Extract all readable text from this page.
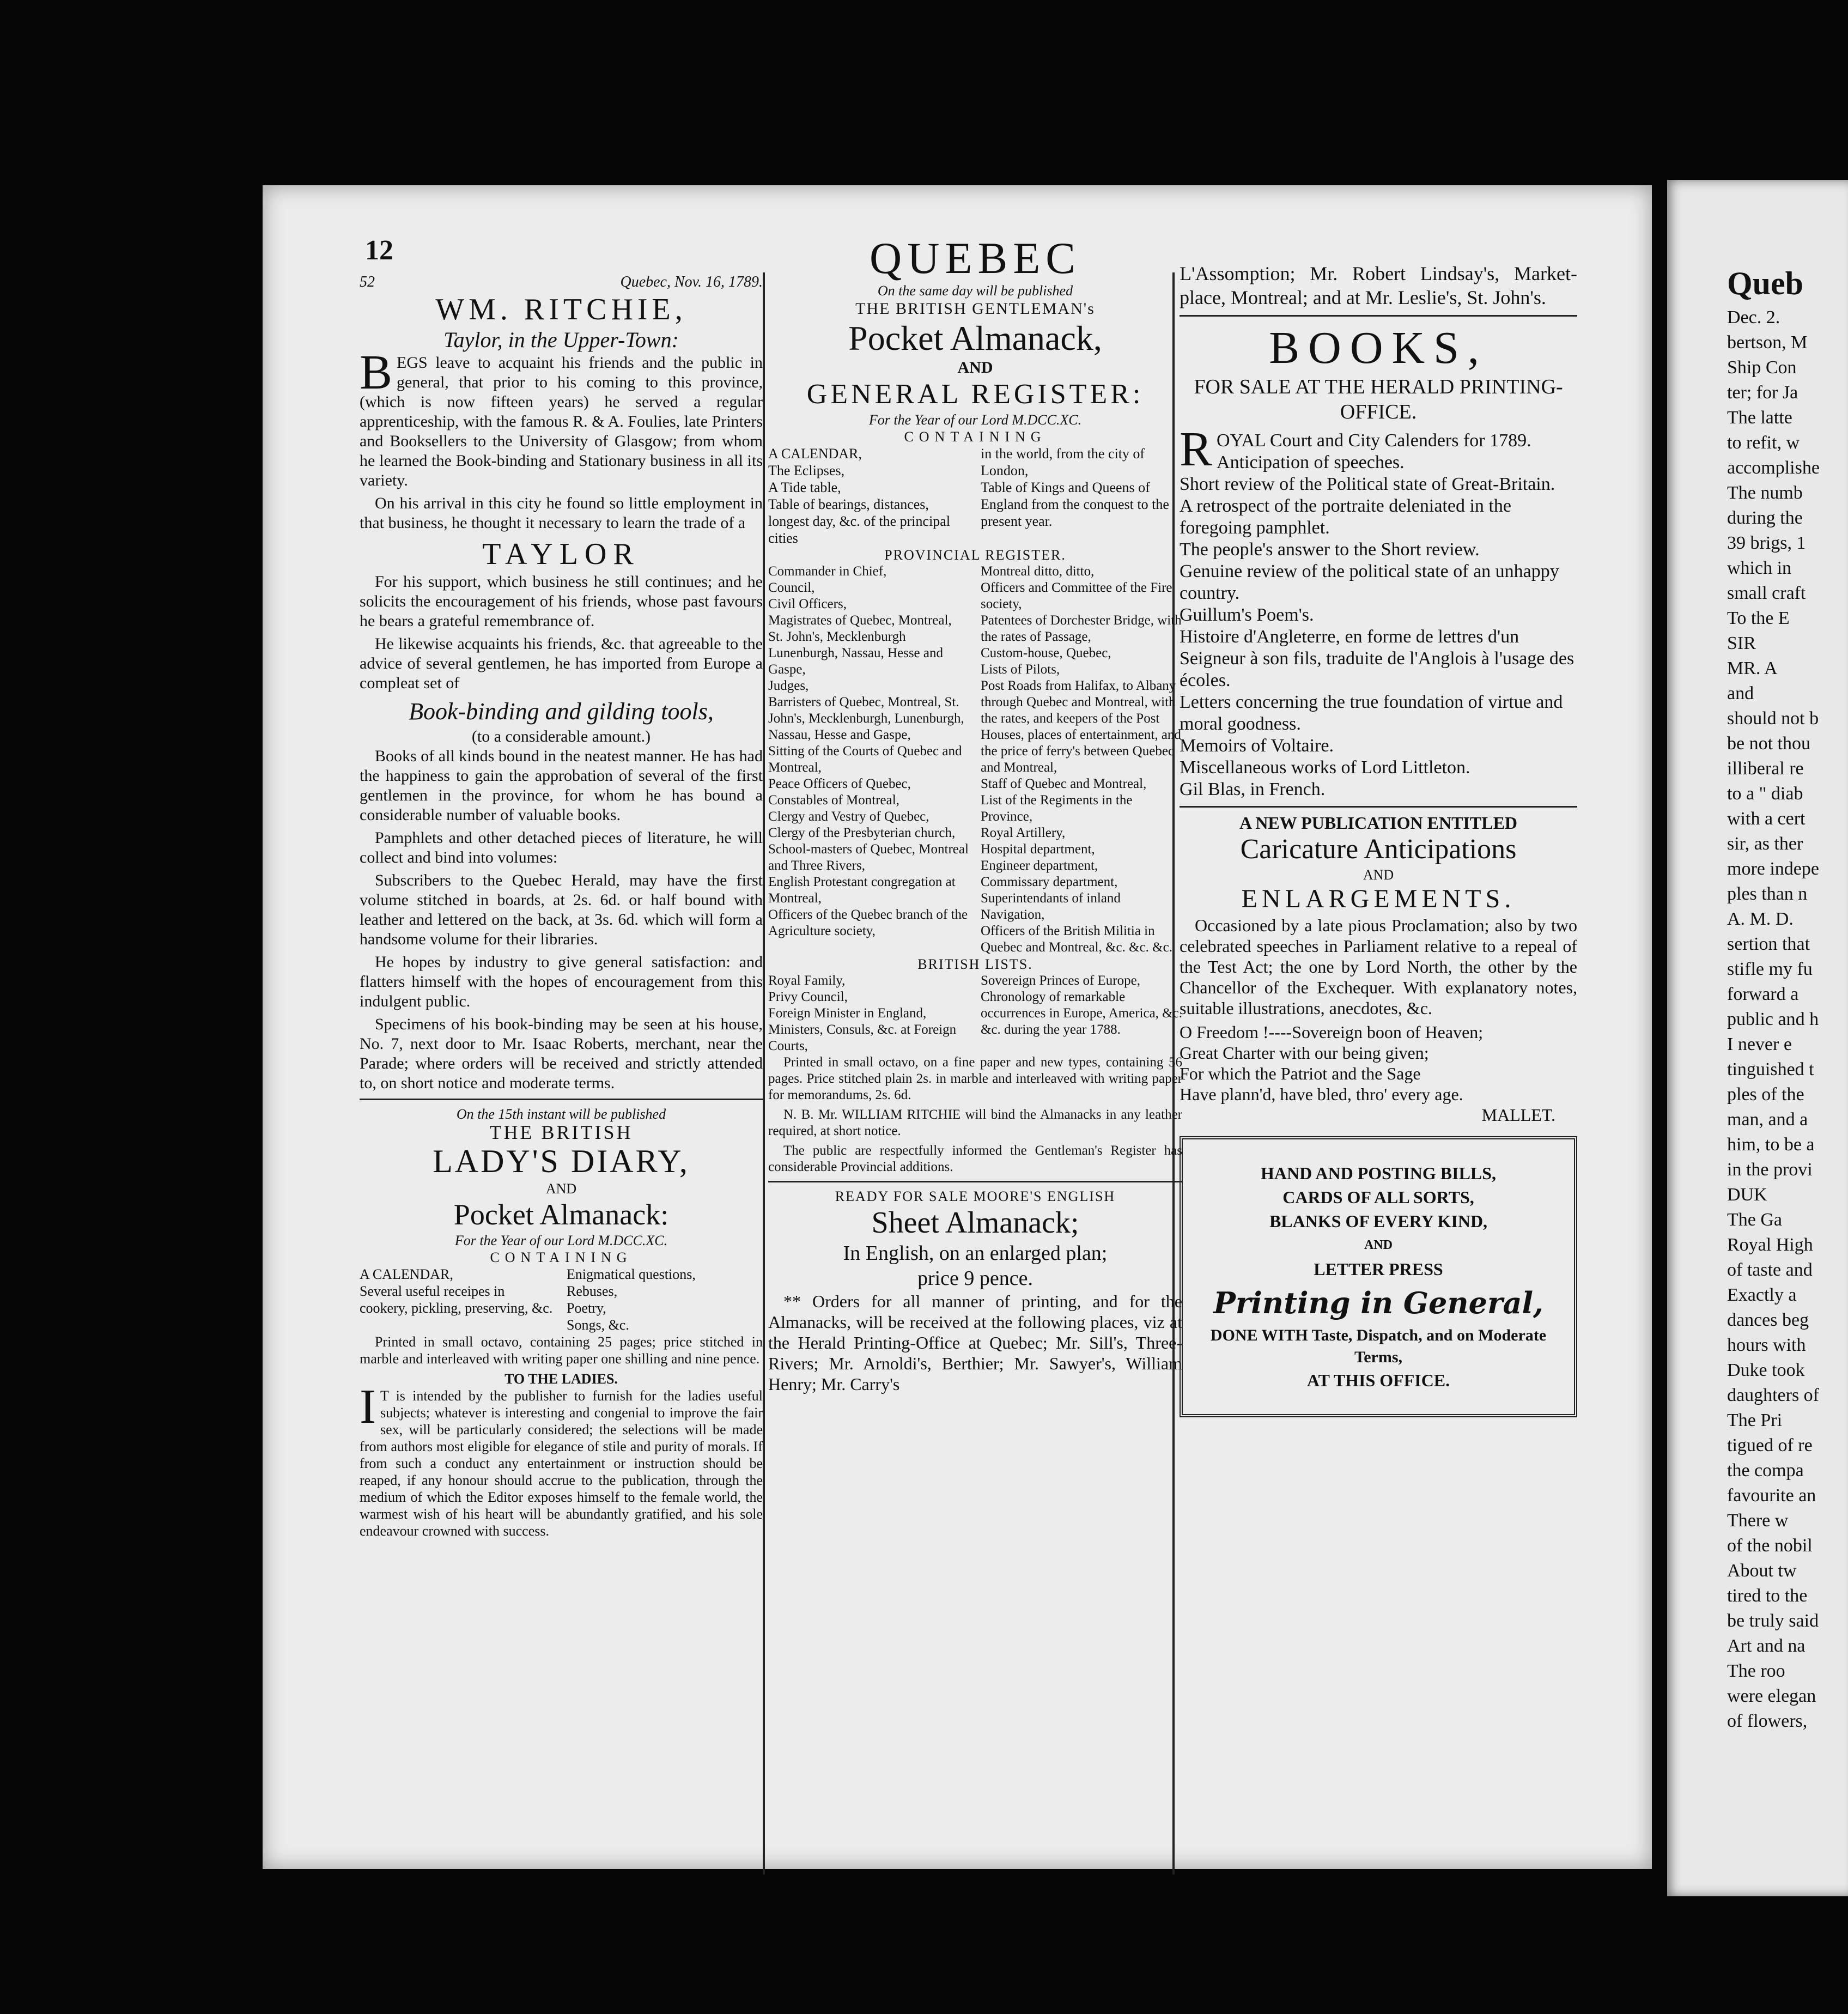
12
52	Quebec, Nov. 16, 1789.
WM. RITCHIE,
Taylor, in the Upper-Town:

BEGS leave to acquaint his friends and the public in general, that prior to his coming to this province, (which is now fifteen years) he served a regular apprenticeship, with the famous R. & A. Foulies, late Printers and Booksellers to the University of Glasgow; from whom he learned the Book-binding and Stationary business in all its variety.

On his arrival in this city he found so little employment in that business, he thought it necessary to learn the trade of a

TAYLOR

For his support, which business he still continues; and he solicits the encouragement of his friends, whose past favours he bears a grateful remembrance of.

He likewise acquaints his friends, &c. that agreeable to the advice of several gentlemen, he has imported from Europe a compleat set of

Book-binding and gilding tools,
(to a considerable amount.)

Books of all kinds bound in the neatest manner. He has had the happiness to gain the approbation of several of the first gentlemen in the province, for whom he has bound a considerable number of valuable books.

Pamphlets and other detached pieces of literature, he will collect and bind into volumes:

Subscribers to the Quebec Herald, may have the first volume stitched in boards, at 2s. 6d. or half bound with leather and lettered on the back, at 3s. 6d. which will form a handsome volume for their libraries.

He hopes by industry to give general satisfaction: and flatters himself with the hopes of encouragement from this indulgent public.

Specimens of his book-binding may be seen at his house, No. 7, next door to Mr. Isaac Roberts, merchant, near the Parade; where orders will be received and strictly attended to, on short notice and moderate terms.

On the 15th instant will be published
THE BRITISH
LADY'S DIARY,
AND
Pocket Almanack:
For the Year of our Lord M.DCC.XC.
CONTAINING
A CALENDAR,
Several useful receipes in cookery, pickling, preserving, &c.
Enigmatical questions,
Rebuses,
Poetry,
Songs, &c.

Printed in small octavo, containing 25 pages; price stitched in marble and interleaved with writing paper one shilling and nine pence.

TO THE LADIES.

IT is intended by the publisher to furnish for the ladies useful subjects; whatever is interesting and congenial to improve the fair sex, will be particularly considered; the selections will be made from authors most eligible for elegance of stile and purity of morals. If from such a conduct any entertainment or instruction should be reaped, if any honour should accrue to the publication, through the medium of which the Editor exposes himself to the female world, the warmest wish of his heart will be abundantly gratified, and his sole endeavour crowned with success.

QUEBEC
On the same day will be published
THE BRITISH GENTLEMAN's
Pocket Almanack,
AND
GENERAL REGISTER:
For the Year of our Lord M.DCC.XC.
CONTAINING
A CALENDAR,
The Eclipses,
A Tide table,
Table of bearings, distances, longest day, &c. of the principal cities
in the world, from the city of London,
Table of Kings and Queens of England from the conquest to the present year.
PROVINCIAL REGISTER.
Commander in Chief,
Council,
Civil Officers,
Magistrates of Quebec, Montreal, St. John's, Mecklenburgh Lunenburgh, Nassau, Hesse and Gaspe,
Judges,
Barristers of Quebec, Montreal, St. John's, Mecklenburgh, Lunenburgh, Nassau, Hesse and Gaspe,
Sitting of the Courts of Quebec and Montreal,
Peace Officers of Quebec,
Constables of Montreal,
Clergy and Vestry of Quebec,
Clergy of the Presbyterian church,
School-masters of Quebec, Montreal and Three Rivers,
English Protestant congregation at Montreal,
Officers of the Quebec branch of the Agriculture society,
Montreal ditto, ditto,
Officers and Committee of the Fire society,
Patentees of Dorchester Bridge, with the rates of Passage,
Custom-house, Quebec,
Lists of Pilots,
Post Roads from Halifax, to Albany through Quebec and Montreal, with the rates, and keepers of the Post Houses, places of entertainment, and the price of ferry's between Quebec and Montreal,
Staff of Quebec and Montreal,
List of the Regiments in the Province,
Royal Artillery,
Hospital department,
Engineer department,
Commissary department,
Superintendants of inland Navigation,
Officers of the British Militia in Quebec and Montreal, &c. &c. &c.
BRITISH LISTS.
Royal Family,
Privy Council,
Foreign Minister in England,
Ministers, Consuls, &c. at Foreign Courts,
Sovereign Princes of Europe,
Chronology of remarkable occurrences in Europe, America, &c. &c. during the year 1788.

Printed in small octavo, on a fine paper and new types, containing 56 pages. Price stitched plain 2s. in marble and interleaved with writing paper for memorandums, 2s. 6d.

N. B. Mr. WILLIAM RITCHIE will bind the Almanacks in any leather required, at short notice.

The public are respectfully informed the Gentleman's Register has considerable Provincial additions.

READY FOR SALE MOORE'S ENGLISH
Sheet Almanack;
In English, on an enlarged plan;
price 9 pence.

** Orders for all manner of printing, and for the Almanacks, will be received at the following places, viz at the Herald Printing-Office at Quebec; Mr. Sill's, Three-Rivers; Mr. Arnoldi's, Berthier; Mr. Sawyer's, William Henry; Mr. Carry's

L'Assomption; Mr. Robert Lindsay's, Market-place, Montreal; and at Mr. Leslie's, St. John's.

BOOKS,
FOR SALE AT THE HERALD PRINTING-OFFICE.
ROYAL Court and City Calenders for 1789.
Anticipation of speeches.
Short review of the Political state of Great-Britain.
A retrospect of the portraite deleniated in the foregoing pamphlet.
The people's answer to the Short review.
Genuine review of the political state of an unhappy country.
Guillum's Poem's.
Histoire d'Angleterre, en forme de lettres d'un Seigneur à son fils, traduite de l'Anglois à l'usage des écoles.
Letters concerning the true foundation of virtue and moral goodness.
Memoirs of Voltaire.
Miscellaneous works of Lord Littleton.
Gil Blas, in French.
A NEW PUBLICATION ENTITLED
Caricature Anticipations
AND
ENLARGEMENTS.

Occasioned by a late pious Proclamation; also by two celebrated speeches in Parliament relative to a repeal of the Test Act; the one by Lord North, the other by the Chancellor of the Exchequer. With explanatory notes, suitable illustrations, anecdotes, &c.

O Freedom !----Sovereign boon of Heaven;
Great Charter with our being given;
For which the Patriot and the Sage
Have plann'd, have bled, thro' every age.
MALLET.
HAND AND POSTING BILLS,
CARDS OF ALL SORTS,
BLANKS OF EVERY KIND,
AND
LETTER PRESS
Printing in General,
DONE WITH Taste, Dispatch, and on Moderate Terms,
AT THIS OFFICE.
Queb
Dec. 2.
bertson, M
Ship Con
ter; for Ja
The latte
to refit, w
accomplishe
The numb
during the
39 brigs, 1
which in
small craft
To the E
SIR
MR. A
and
should not b
be not thou
illiberal re
to a " diab
with a cert
sir, as ther
more indepe
ples than n
A. M. D.
sertion that
stifle my fu
forward a
public and h
I never e
tinguished t
ples of the
man, and a
him, to be a
in the provi
DUK
The Ga
Royal High
of taste and
Exactly a
dances beg
hours with
Duke took
daughters of
The Pri
tigued of re
the compa
favourite an
There w
of the nobil
About tw
tired to the
be truly said
Art and na
The roo
were elegan
of flowers,
